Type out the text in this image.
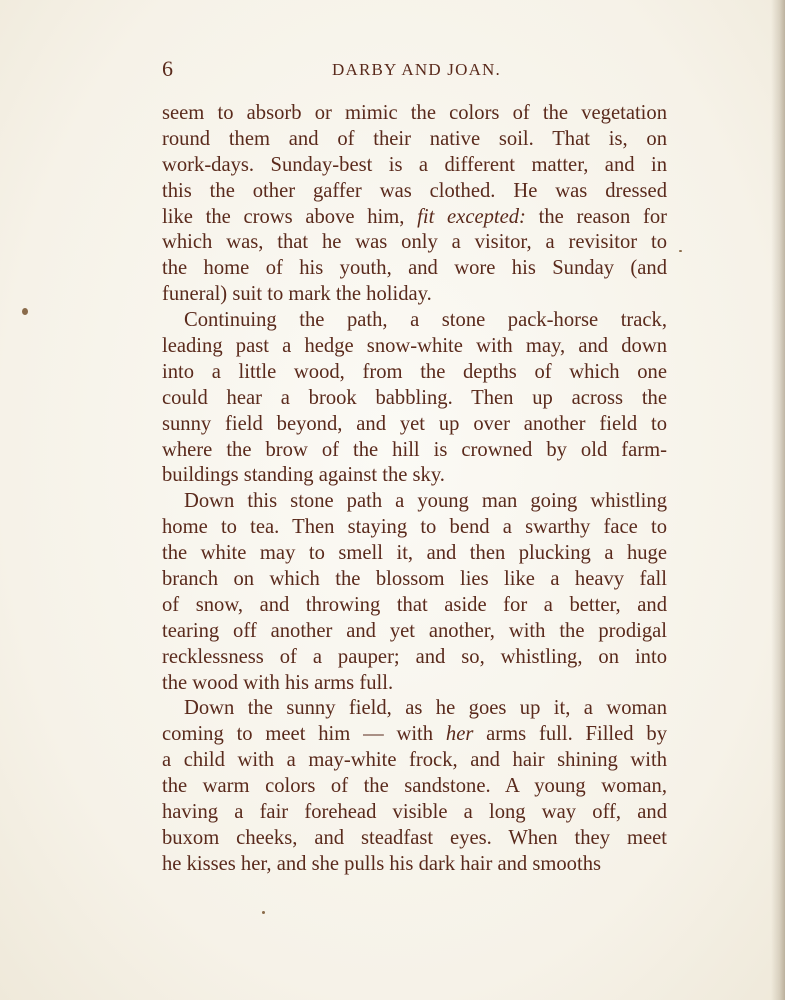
6	DARBY AND JOAN.
seem to absorb or mimic the colors of the vegetation
round them and of their native soil. That is, on
work-days. Sunday-best is a different matter, and in
this the other gaffer was clothed. He was dressed
like the crows above him, fit excepted: the reason for
which was, that he was only a visitor, a revisitor to
the home of his youth, and wore his Sunday (and
funeral) suit to mark the holiday.
Continuing the path, a stone pack-horse track,
leading past a hedge snow-white with may, and down
into a little wood, from the depths of which one
could hear a brook babbling. Then up across the
sunny field beyond, and yet up over another field to
where the brow of the hill is crowned by old farm-
buildings standing against the sky.
Down this stone path a young man going whistling
home to tea. Then staying to bend a swarthy face to
the white may to smell it, and then plucking a huge
branch on which the blossom lies like a heavy fall
of snow, and throwing that aside for a better, and
tearing off another and yet another, with the prodigal
recklessness of a pauper; and so, whistling, on into
the wood with his arms full.
Down the sunny field, as he goes up it, a woman
coming to meet him — with her arms full. Filled by
a child with a may-white frock, and hair shining with
the warm colors of the sandstone. A young woman,
having a fair forehead visible a long way off, and
buxom cheeks, and steadfast eyes. When they meet
he kisses her, and she pulls his dark hair and smooths
